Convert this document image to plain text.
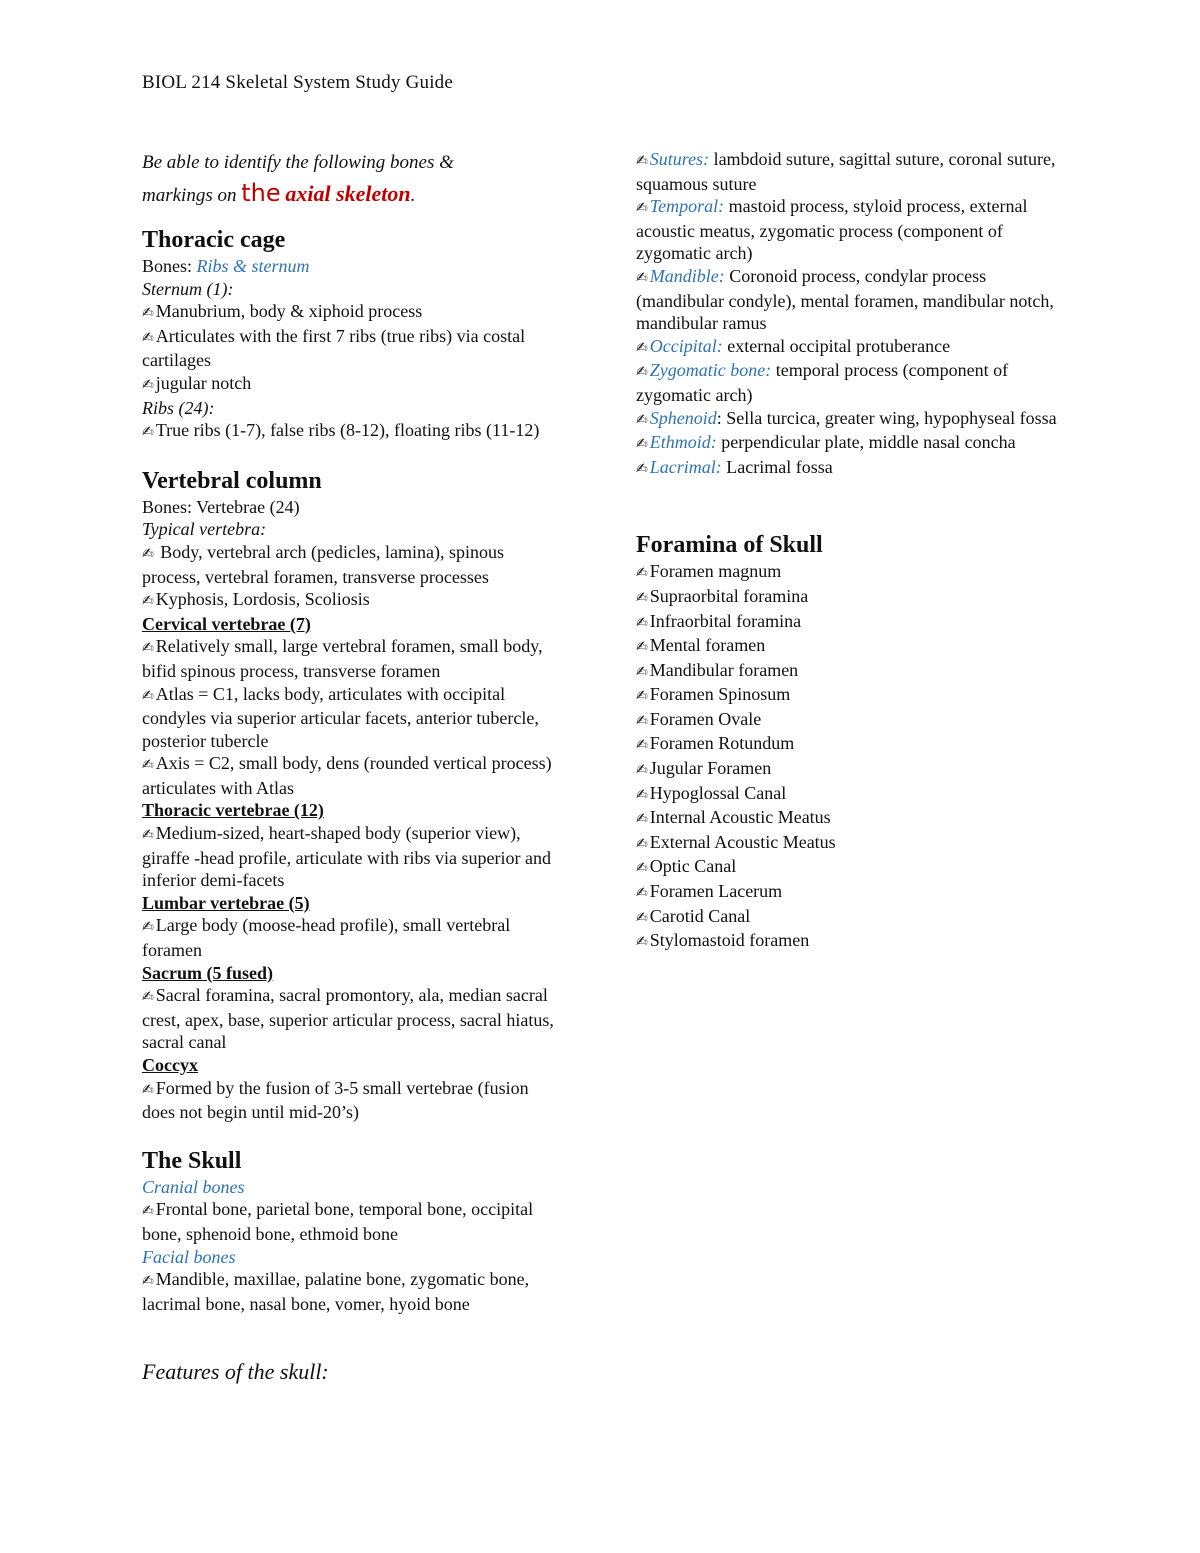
BIOL 214 Skeletal System Study Guide
Be able to identify the following bones &
markings on the axial skeleton.
Thoracic cage
Bones: Ribs & sternum
Sternum (1):
✍ Manubrium, body & xiphoid process
✍ Articulates with the first 7 ribs (true ribs) via costal cartilages
✍ jugular notch
Ribs (24):
✍ True ribs (1-7), false ribs (8-12), floating ribs (11-12)
Vertebral column
Bones: Vertebrae (24)
Typical vertebra:
✍ Body, vertebral arch (pedicles, lamina), spinous process, vertebral foramen, transverse processes
✍ Kyphosis, Lordosis, Scoliosis
Cervical vertebrae (7)
✍ Relatively small, large vertebral foramen, small body, bifid spinous process, transverse foramen
✍ Atlas = C1, lacks body, articulates with occipital condyles via superior articular facets, anterior tubercle, posterior tubercle
✍ Axis = C2, small body, dens (rounded vertical process) articulates with Atlas
Thoracic vertebrae (12)
✍ Medium-sized, heart-shaped body (superior view), giraffe -head profile, articulate with ribs via superior and inferior demi-facets
Lumbar vertebrae (5)
✍ Large body (moose-head profile), small vertebral foramen
Sacrum (5 fused)
✍ Sacral foramina, sacral promontory, ala, median sacral crest, apex, base, superior articular process, sacral hiatus, sacral canal
Coccyx
✍ Formed by the fusion of 3-5 small vertebrae (fusion does not begin until mid-20’s)
The Skull
Cranial bones
✍ Frontal bone, parietal bone, temporal bone, occipital bone, sphenoid bone, ethmoid bone
Facial bones
✍ Mandible, maxillae, palatine bone, zygomatic bone, lacrimal bone, nasal bone, vomer, hyoid bone
Features of the skull:
✍ Sutures: lambdoid suture, sagittal suture, coronal suture, squamous suture
✍ Temporal: mastoid process, styloid process, external acoustic meatus, zygomatic process (component of zygomatic arch)
✍ Mandible: Coronoid process, condylar process (mandibular condyle), mental foramen, mandibular notch, mandibular ramus
✍ Occipital: external occipital protuberance
✍ Zygomatic bone: temporal process (component of zygomatic arch)
✍ Sphenoid: Sella turcica, greater wing, hypophyseal fossa
✍ Ethmoid: perpendicular plate, middle nasal concha
✍ Lacrimal: Lacrimal fossa
Foramina of Skull
✍ Foramen magnum
✍ Supraorbital foramina
✍ Infraorbital foramina
✍ Mental foramen
✍ Mandibular foramen
✍ Foramen Spinosum
✍ Foramen Ovale
✍ Foramen Rotundum
✍ Jugular Foramen
✍ Hypoglossal Canal
✍ Internal Acoustic Meatus
✍ External Acoustic Meatus
✍ Optic Canal
✍ Foramen Lacerum
✍ Carotid Canal
✍ Stylomastoid foramen
